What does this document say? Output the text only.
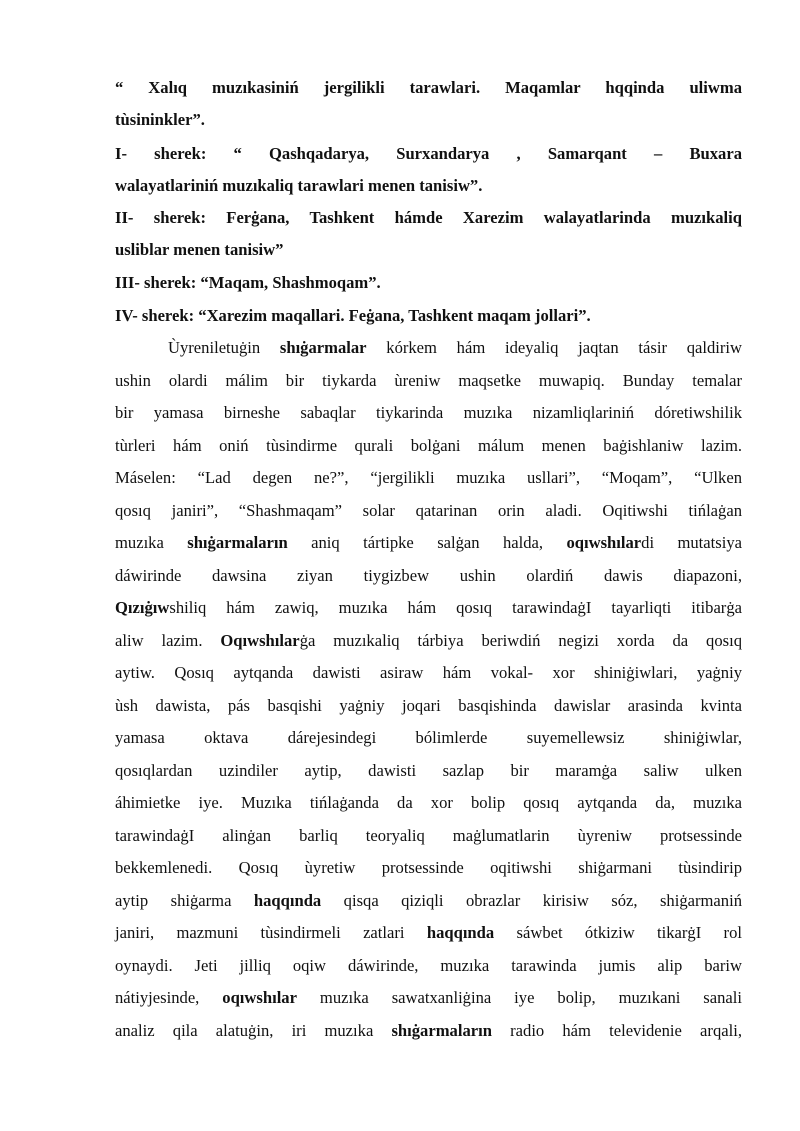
“ Xalıq muzıkasiniń jergilikli tarawlari. Maqamlar hqqinda uliwma
tùsininkler”.
I- sherek: “ Qashqadarya, Surxandarya , Samarqant – Buxara
walayatlariniń muzıkaliq tarawlari menen tanisiw”.
II- sherek: Ferġana, Tashkent hámde Xarezim walayatlarinda muzıkaliq
usliblar menen tanisiw”
III- sherek: “Maqam, Shashmoqam”.
IV- sherek: “Xarezim maqallari. Feġana, Tashkent maqam jollari”.
Ùyreniletuġin shıġarmalar kórkem hám ideyaliq jaqtan tásir qaldiriw
ushin olardi málim bir tiykarda ùreniw maqsetke muwapiq. Bunday temalar
bir yamasa birneshe sabaqlar tiykarinda muzıka nizamliqlariniń dóretiwshilik
tùrleri hám oniń tùsindirme qurali bolġani málum menen baġishlaniw lazim.
Máselen: “Lad degen ne?”, “jergilikli muzıka usllari”, “Moqam”, “Ulken
qosıq janiri”, “Shashmaqam” solar qatarinan orin aladi. Oqitiwshi tińlaġan
muzıka shıġarmaların aniq tártipke salġan halda, oqıwshılardi mutatsiya
dáwirinde dawsina ziyan tiygizbew ushin olardiń dawis diapazoni,
Qızıġıwshiliq hám zawiq, muzıka hám qosıq tarawindaġI tayarliqti itibarġa
aliw lazim. Oqıwshılarġa muzıkaliq tárbiya beriwdiń negizi xorda da qosıq
aytiw. Qosıq aytqanda dawisti asiraw hám vokal- xor shiniġiwlari, yaġniy
ùsh dawista, pás basqishi yaġniy joqari basqishinda dawislar arasinda kvinta
yamasa oktava dárejesindegi bólimlerde suyemellewsiz shiniġiwlar,
qosıqlardan uzindiler aytip, dawisti sazlap bir maramġa saliw ulken
áhimietke iye. Muzıka tińlaġanda da xor bolip qosıq aytqanda da, muzıka
tarawindaġI alinġan barliq teoryaliq maġlumatlarin ùyreniw protsessinde
bekkemlenedi. Qosıq ùyretiw protsessinde oqitiwshi shiġarmani tùsindirip
aytip shiġarma haqqında qisqa qiziqli obrazlar kirisiw sóz, shiġarmaniń
janiri, mazmuni tùsindirmeli zatlari haqqında sáwbet ótkiziw tikarġI rol
oynaydi. Jeti jilliq oqiw dáwirinde, muzıka tarawinda jumis alip bariw
nátiyjesinde, oqıwshılar muzıka sawatxanliġina iye bolip, muzıkani sanali
analiz qila alatuġin, iri muzıka shıġarmaların radio hám televidenie arqali,
